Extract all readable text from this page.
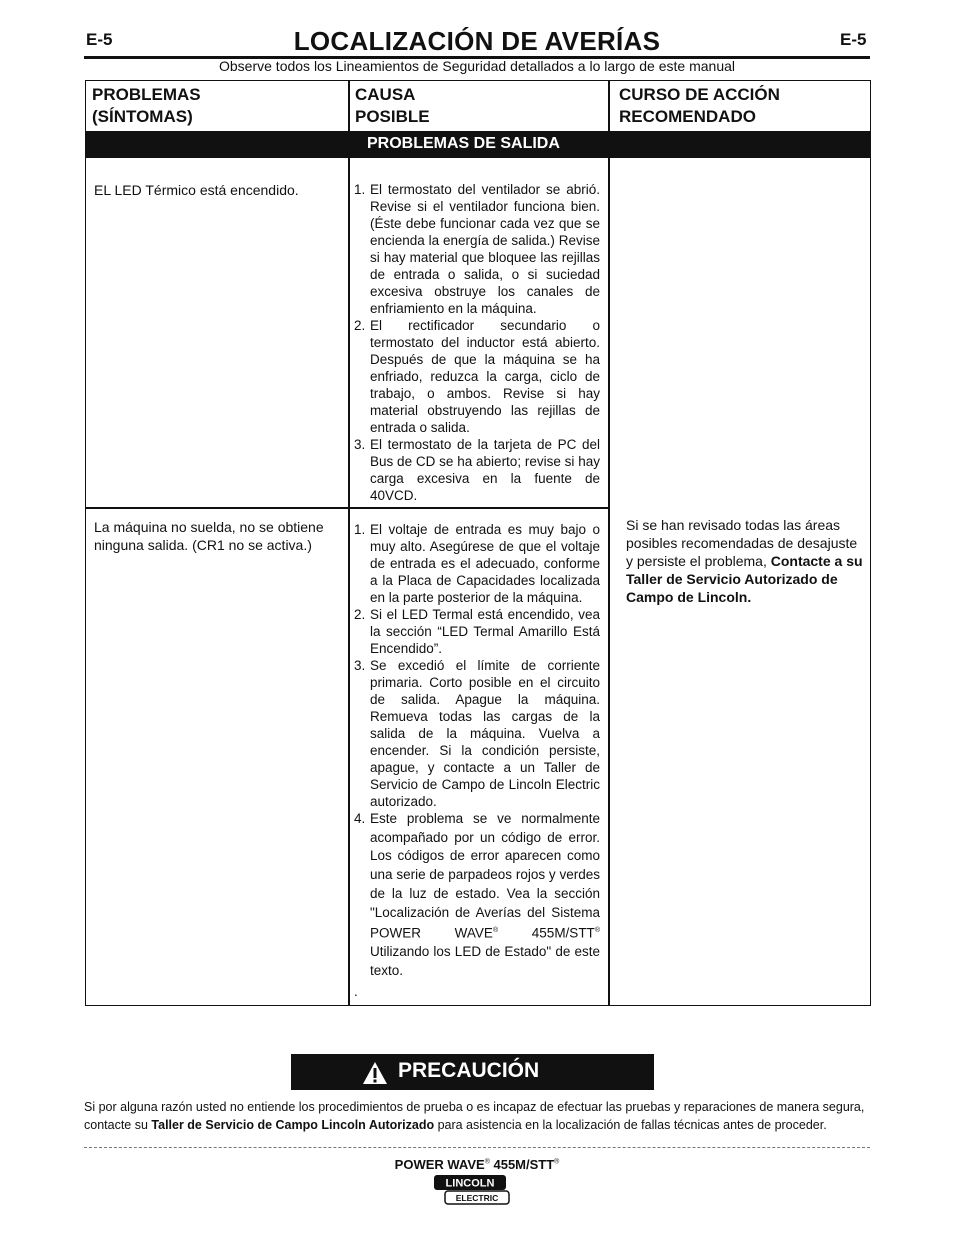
E-5	E-5
LOCALIZACIÓN DE AVERÍAS
Observe todos los Lineamientos de Seguridad detallados a lo largo de este manual
PROBLEMAS
(SÍNTOMAS)
CAUSA
POSIBLE
CURSO DE ACCIÓN
RECOMENDADO
PROBLEMAS DE SALIDA
EL LED Térmico está encendido.	1. El termostato del ventilador se abrió. Revise si el ventilador funciona bien. (Éste debe funcionar cada vez que se encienda la energía de salida.) Revise si hay material que bloquee las rejillas de entrada o salida, o si suciedad excesiva obstruye los canales de enfriamiento en la máquina.
2. El rectificador secundario o termostato del inductor está abierto. Después de que la máquina se ha enfriado, reduzca la carga, ciclo de trabajo, o ambos. Revise si hay material obstruyendo las rejillas de entrada o salida.
3. El termostato de la tarjeta de PC del Bus de CD se ha abierto; revise si hay carga excesiva en la fuente de 40VCD.
La máquina no suelda, no se obtiene ninguna salida. (CR1 no se activa.)
1. El voltaje de entrada es muy bajo o muy alto. Asegúrese de que el voltaje de entrada es el adecuado, conforme a la Placa de Capacidades localizada en la parte posterior de la máquina.
2. Si el LED Termal está encendido, vea la sección “LED Termal Amarillo Está Encendido”.
3. Se excedió el límite de corriente primaria. Corto posible en el circuito de salida. Apague la máquina. Remueva todas las cargas de la salida de la máquina. Vuelva a encender. Si la condición persiste, apague, y contacte a un Taller de Servicio de Campo de Lincoln Electric autorizado.
4. Este problema se ve normalmente acompañado por un código de error. Los códigos de error aparecen como una serie de parpadeos rojos y verdes de la luz de estado. Vea la sección "Localización de Averías del Sistema POWER WAVE® 455M/STT® Utilizando los LED de Estado" de este texto.
.
Si se han revisado todas las áreas posibles recomendadas de desajuste y persiste el problema, Contacte a su Taller de Servicio Autorizado de Campo de Lincoln.
PRECAUCIÓN
Si por alguna razón usted no entiende los procedimientos de prueba o es incapaz de efectuar las pruebas y reparaciones de manera segura, contacte su Taller de Servicio de Campo Lincoln Autorizado para asistencia en la localización de fallas técnicas antes de proceder.
POWER WAVE® 455M/STT®
LINCOLN
ELECTRIC
